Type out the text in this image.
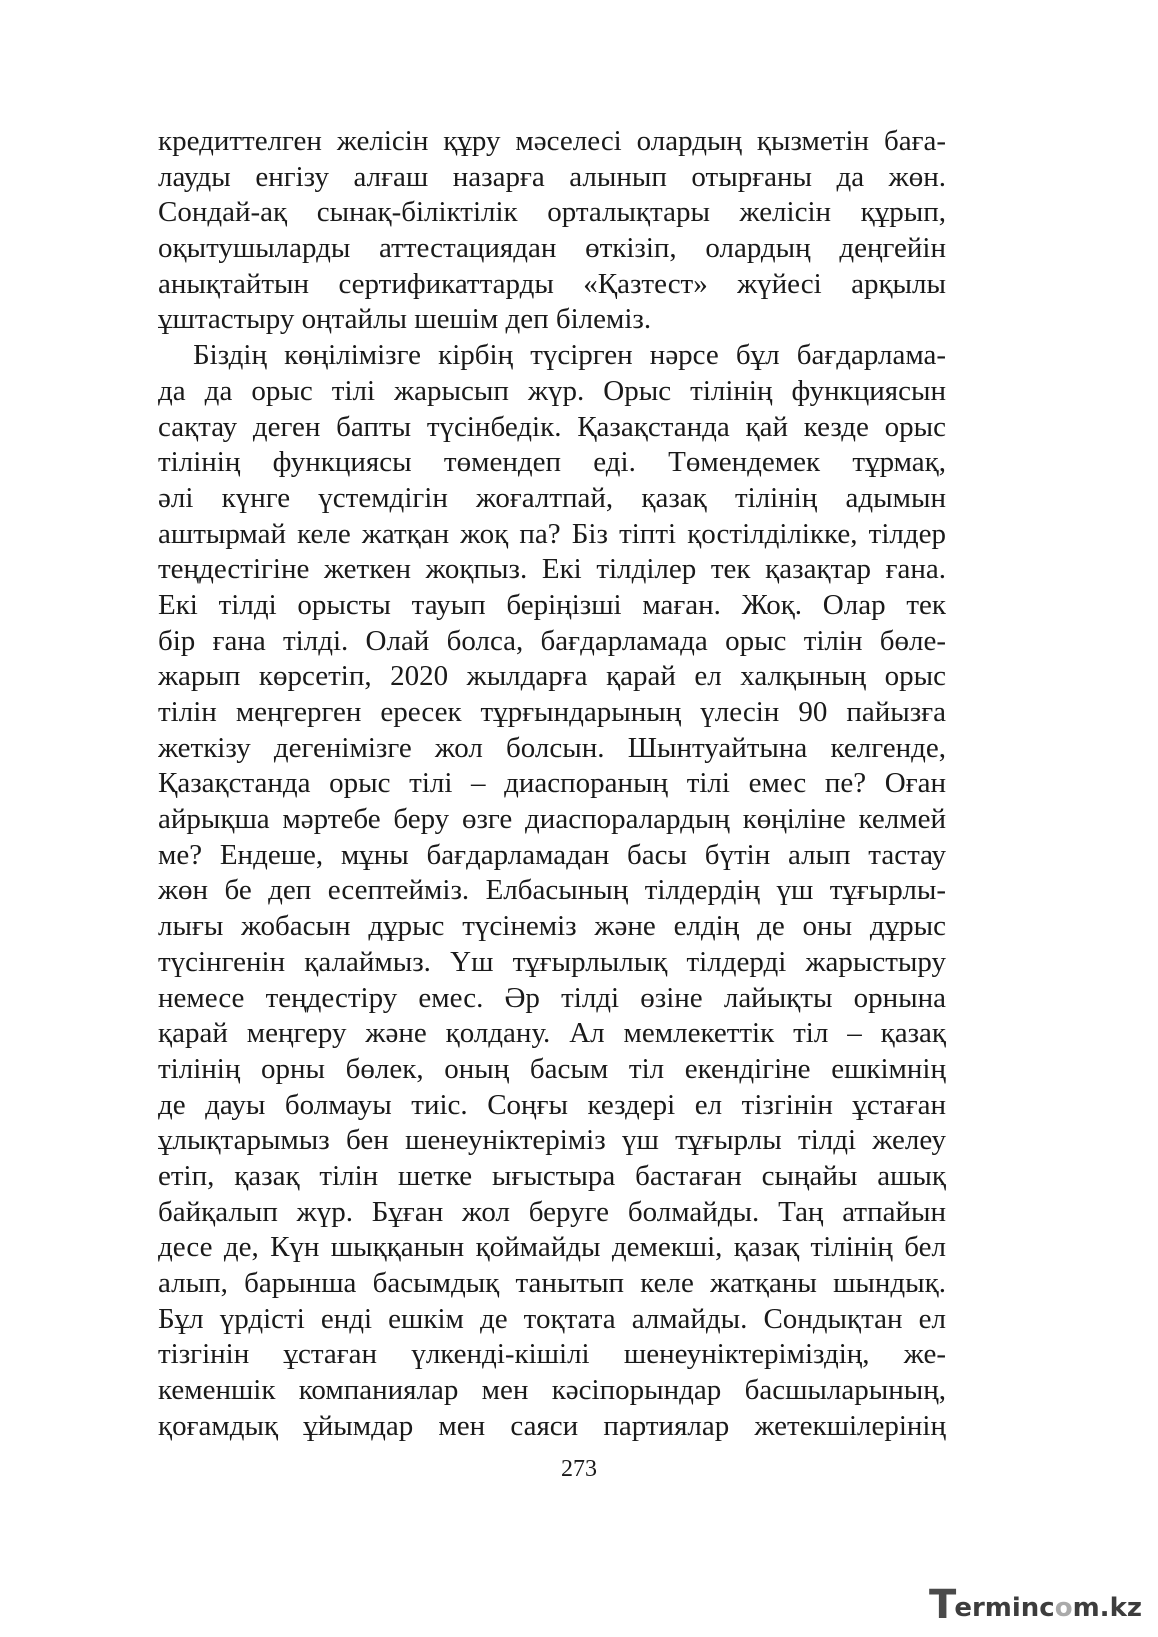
кредиттелген желісін құру мәселесі олардың қызметін бағa-
лауды енгізу алғаш назарға алынып отырғаны да жөн.
Сондай-ақ сынақ-біліктілік орталықтары желісін құрып,
оқытушыларды аттестациядан өткізіп, олардың деңгейін
анықтайтын сертификаттарды «Қазтест» жүйесі арқылы
ұштастыру оңтайлы шешім деп білеміз.
Біздің көңілімізге кірбің түсірген нәрсе бұл бағдарлама-
да да орыс тілі жарысып жүр. Орыс тілінің функциясын
сақтау деген бапты түсінбедік. Қазақстанда қай кезде орыс
тілінің функциясы төмендеп еді. Төмендемек тұрмақ,
әлі күнге үстемдігін жоғалтпай, қазақ тілінің адымын
аштырмай келе жатқан жоқ па? Біз тіпті қостілділікке, тілдер
теңдестігіне жеткен жоқпыз. Екі тілділер тек қазақтар ғана.
Екі тілді орысты тауып беріңізші маған. Жоқ. Олар тек
бір ғана тілді. Олай болса, бағдарламада орыс тілін бөле-
жарып көрсетіп, 2020 жылдарға қарай ел халқының орыс
тілін меңгерген ересек тұрғындарының үлесін 90 пайызға
жеткізу дегенімізге жол болсын. Шынтуайтына келгенде,
Қазақстанда орыс тілі – диаспораның тілі емес пе? Оған
айрықша мәртебе беру өзге диаспоралардың көңіліне келмей
ме? Ендеше, мұны бағдарламадан басы бүтін алып тастау
жөн бе деп есептейміз. Елбасының тілдердің үш тұғырлы-
лығы жобасын дұрыс түсінеміз және елдің де оны дұрыс
түсінгенін қалаймыз. Үш тұғырлылық тілдерді жарыстыру
немесе теңдестіру емес. Әр тілді өзіне лайықты орнына
қарай меңгеру және қолдану. Ал мемлекеттік тіл – қазақ
тілінің орны бөлек, оның басым тіл екендігіне ешкімнің
де дауы болмауы тиіс. Соңғы кездері ел тізгінін ұстаған
ұлықтарымыз бен шенеуніктеріміз үш тұғырлы тілді желеу
етіп, қазақ тілін шетке ығыстыра бастаған сыңайы ашық
байқалып жүр. Бұған жол беруге болмайды. Таң атпайын
десе де, Күн шыққанын қоймайды демекші, қазақ тілінің бел
алып, барынша басымдық танытып келе жатқаны шындық.
Бұл үрдісті енді ешкім де тоқтата алмайды. Сондықтан ел
тізгінін ұстаған үлкенді-кішілі шенеуніктеріміздің, же-
кеменшік компаниялар мен кәсіпорындар басшыларының,
қоғамдық ұйымдар мен саяси партиялар жетекшілерінің
273
T ermincom.kz
